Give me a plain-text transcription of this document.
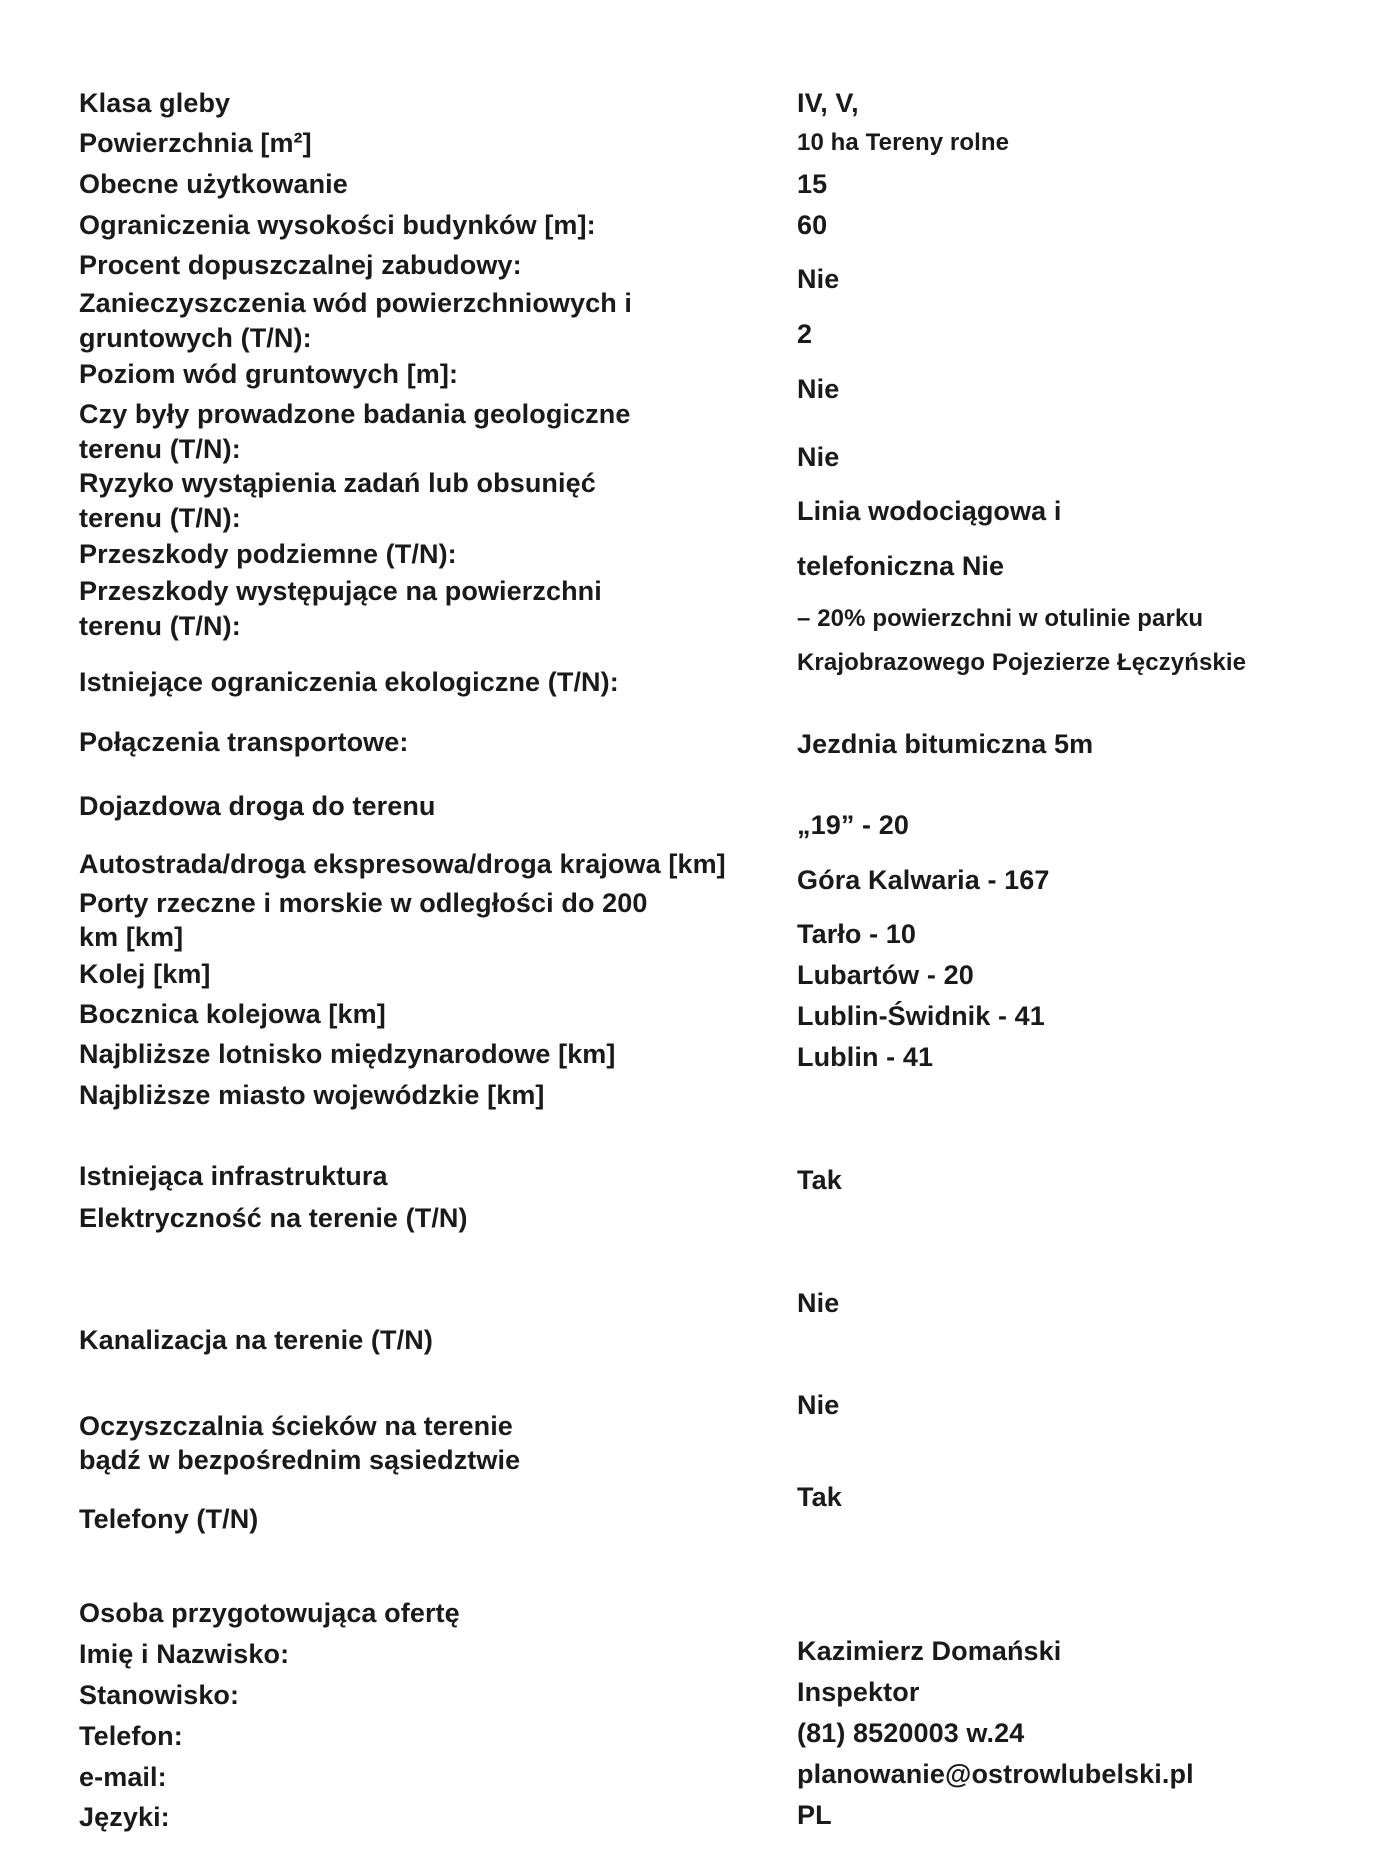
Klasa gleby
Powierzchnia [m²]
Obecne użytkowanie
Ograniczenia wysokości budynków [m]:
Procent dopuszczalnej zabudowy:
Zanieczyszczenia wód powierzchniowych i
gruntowych (T/N):
Poziom wód gruntowych [m]:
Czy były prowadzone badania geologiczne
terenu (T/N):
Ryzyko wystąpienia zadań lub obsunięć
terenu (T/N):
Przeszkody podziemne (T/N):
Przeszkody występujące na powierzchni
terenu (T/N):
Istniejące ograniczenia ekologiczne (T/N):
Połączenia transportowe:
Dojazdowa droga do terenu
Autostrada/droga ekspresowa/droga krajowa [km]
Porty rzeczne i morskie w odległości do 200
km [km]
Kolej [km]
Bocznica kolejowa [km]
Najbliższe lotnisko międzynarodowe [km]
Najbliższe miasto wojewódzkie [km]
Istniejąca infrastruktura
Elektryczność na terenie (T/N)
Kanalizacja na terenie (T/N)
Oczyszczalnia ścieków na terenie
bądź w bezpośrednim sąsiedztwie
Telefony (T/N)
Osoba przygotowująca ofertę
Imię i Nazwisko:
Stanowisko:
Telefon:
e-mail:
Języki:
IV, V,
10 ha Tereny rolne
15
60
Nie
2
Nie
Nie
Linia wodociągowa i
telefoniczna Nie
– 20% powierzchni w otulinie parku
Krajobrazowego Pojezierze Łęczyńskie
Jezdnia bitumiczna 5m
„19” - 20
Góra Kalwaria - 167
Tarło - 10
Lubartów - 20
Lublin-Świdnik - 41
Lublin - 41
Tak
Nie
Nie
Tak
Kazimierz Domański
Inspektor
(81) 8520003 w.24
planowanie@ostrowlubelski.pl
PL
